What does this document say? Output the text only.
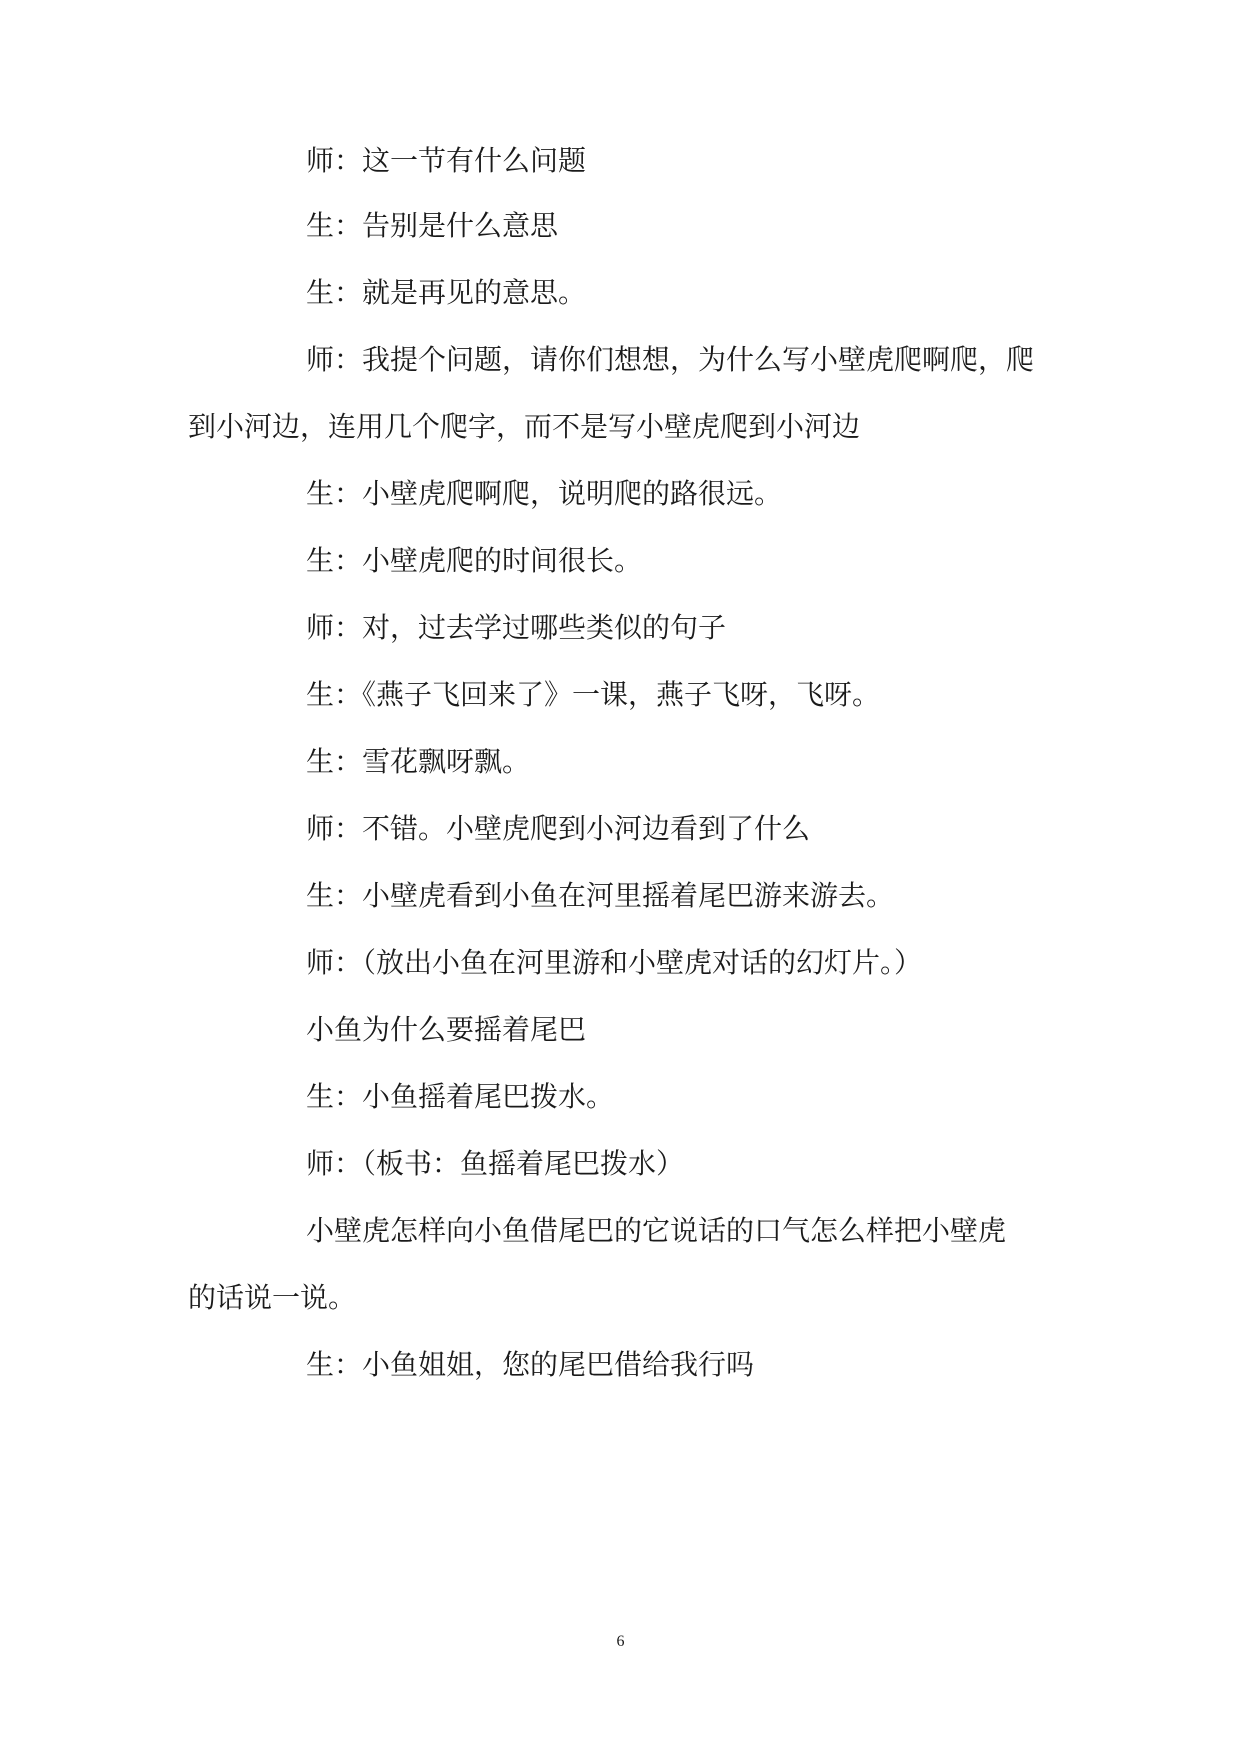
师：这一节有什么问题

生：告别是什么意思

生：就是再见的意思。

师：我提个问题，请你们想想，为什么写小壁虎爬啊爬，爬

到小河边，连用几个爬字，而不是写小壁虎爬到小河边

生：小壁虎爬啊爬，说明爬的路很远。

生：小壁虎爬的时间很长。

师：对，过去学过哪些类似的句子

生：《燕子飞回来了》一课，燕子飞呀，飞呀。

生：雪花飘呀飘。

师：不错。小壁虎爬到小河边看到了什么

生：小壁虎看到小鱼在河里摇着尾巴游来游去。

师：（放出小鱼在河里游和小壁虎对话的幻灯片。）

小鱼为什么要摇着尾巴

生：小鱼摇着尾巴拨水。

师：（板书：鱼摇着尾巴拨水）

小壁虎怎样向小鱼借尾巴的它说话的口气怎么样把小壁虎

的话说一说。

生：小鱼姐姐，您的尾巴借给我行吗

6
